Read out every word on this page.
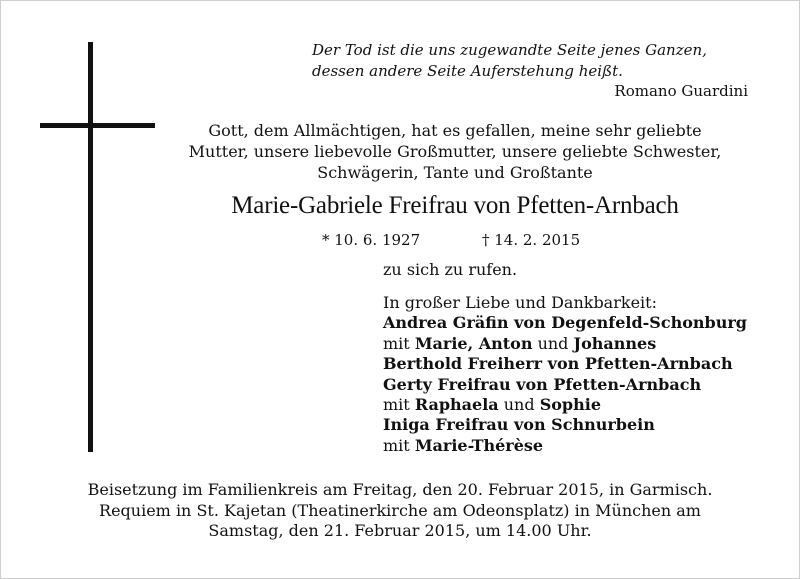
Der Tod ist die uns zugewandte Seite jenes Ganzen,
dessen andere Seite Auferstehung heißt.
Romano Guardini
Gott, dem Allmächtigen, hat es gefallen, meine sehr geliebte
Mutter, unsere liebevolle Großmutter, unsere geliebte Schwester,
Schwägerin, Tante und Großtante
Marie-Gabriele Freifrau von Pfetten-Arnbach
* 10. 6. 1927	† 14. 2. 2015
zu sich zu rufen.
In großer Liebe und Dankbarkeit:
Andrea Gräfin von Degenfeld-Schonburg
mit Marie, Anton und Johannes
Berthold Freiherr von Pfetten-Arnbach
Gerty Freifrau von Pfetten-Arnbach
mit Raphaela und Sophie
Iniga Freifrau von Schnurbein
mit Marie-Thérèse
Beisetzung im Familienkreis am Freitag, den 20. Februar 2015, in Garmisch.
Requiem in St. Kajetan (Theatinerkirche am Odeonsplatz) in München am
Samstag, den 21. Februar 2015, um 14.00 Uhr.
